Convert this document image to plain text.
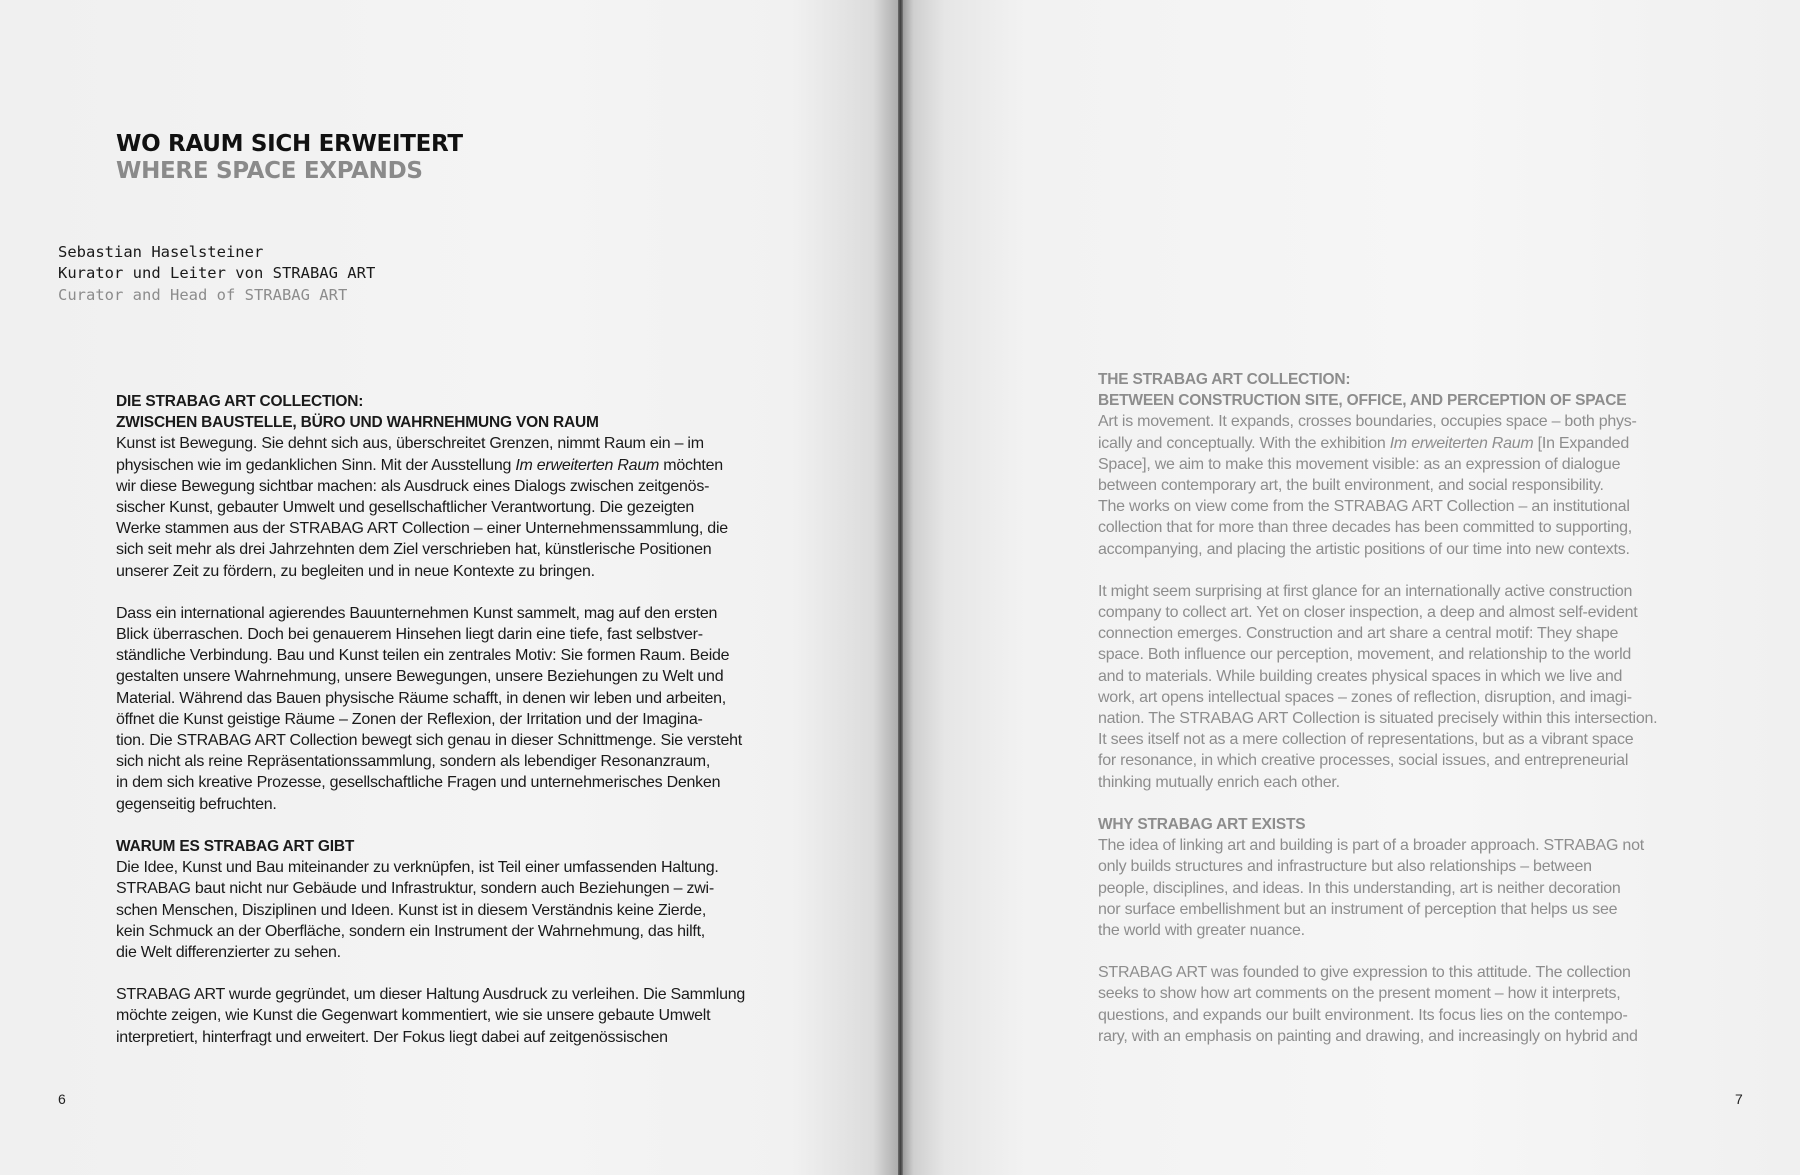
WO RAUM SICH ERWEITERT
WHERE SPACE EXPANDS
Sebastian Haselsteiner
Kurator und Leiter von STRABAG ART
Curator and Head of STRABAG ART
DIE STRABAG ART COLLECTION:
ZWISCHEN BAUSTELLE, BÜRO UND WAHRNEHMUNG VON RAUM
Kunst ist Bewegung. Sie dehnt sich aus, überschreitet Grenzen, nimmt Raum ein – im
physischen wie im gedanklichen Sinn. Mit der Ausstellung Im erweiterten Raum möchten
wir diese Bewegung sichtbar machen: als Ausdruck eines Dialogs zwischen zeitgenös-
sischer Kunst, gebauter Umwelt und gesellschaftlicher Verantwortung. Die gezeigten
Werke stammen aus der STRABAG ART Collection – einer Unternehmenssammlung, die
sich seit mehr als drei Jahrzehnten dem Ziel verschrieben hat, künstlerische Positionen
unserer Zeit zu fördern, zu begleiten und in neue Kontexte zu bringen.
Dass ein international agierendes Bauunternehmen Kunst sammelt, mag auf den ersten
Blick überraschen. Doch bei genauerem Hinsehen liegt darin eine tiefe, fast selbstver-
ständliche Verbindung. Bau und Kunst teilen ein zentrales Motiv: Sie formen Raum. Beide
gestalten unsere Wahrnehmung, unsere Bewegungen, unsere Beziehungen zu Welt und
Material. Während das Bauen physische Räume schafft, in denen wir leben und arbeiten,
öffnet die Kunst geistige Räume – Zonen der Reflexion, der Irritation und der Imagina-
tion. Die STRABAG ART Collection bewegt sich genau in dieser Schnittmenge. Sie versteht
sich nicht als reine Repräsentationssammlung, sondern als lebendiger Resonanzraum,
in dem sich kreative Prozesse, gesellschaftliche Fragen und unternehmerisches Denken
gegenseitig befruchten.
WARUM ES STRABAG ART GIBT
Die Idee, Kunst und Bau miteinander zu verknüpfen, ist Teil einer umfassenden Haltung.
STRABAG baut nicht nur Gebäude und Infrastruktur, sondern auch Beziehungen – zwi-
schen Menschen, Disziplinen und Ideen. Kunst ist in diesem Verständnis keine Zierde,
kein Schmuck an der Oberfläche, sondern ein Instrument der Wahrnehmung, das hilft,
die Welt differenzierter zu sehen.
STRABAG ART wurde gegründet, um dieser Haltung Ausdruck zu verleihen. Die Sammlung
möchte zeigen, wie Kunst die Gegenwart kommentiert, wie sie unsere gebaute Umwelt
interpretiert, hinterfragt und erweitert. Der Fokus liegt dabei auf zeitgenössischen
6
THE STRABAG ART COLLECTION:
BETWEEN CONSTRUCTION SITE, OFFICE, AND PERCEPTION OF SPACE
Art is movement. It expands, crosses boundaries, occupies space – both phys-
ically and conceptually. With the exhibition Im erweiterten Raum [In Expanded
Space], we aim to make this movement visible: as an expression of dialogue
between contemporary art, the built environment, and social responsibility.
The works on view come from the STRABAG ART Collection – an institutional
collection that for more than three decades has been committed to supporting,
accompanying, and placing the artistic positions of our time into new contexts.
It might seem surprising at first glance for an internationally active construction
company to collect art. Yet on closer inspection, a deep and almost self-evident
connection emerges. Construction and art share a central motif: They shape
space. Both influence our perception, movement, and relationship to the world
and to materials. While building creates physical spaces in which we live and
work, art opens intellectual spaces – zones of reflection, disruption, and imagi-
nation. The STRABAG ART Collection is situated precisely within this intersection.
It sees itself not as a mere collection of representations, but as a vibrant space
for resonance, in which creative processes, social issues, and entrepreneurial
thinking mutually enrich each other.
WHY STRABAG ART EXISTS
The idea of linking art and building is part of a broader approach. STRABAG not
only builds structures and infrastructure but also relationships – between
people, disciplines, and ideas. In this understanding, art is neither decoration
nor surface embellishment but an instrument of perception that helps us see
the world with greater nuance.
STRABAG ART was founded to give expression to this attitude. The collection
seeks to show how art comments on the present moment – how it interprets,
questions, and expands our built environment. Its focus lies on the contempo-
rary, with an emphasis on painting and drawing, and increasingly on hybrid and
7
